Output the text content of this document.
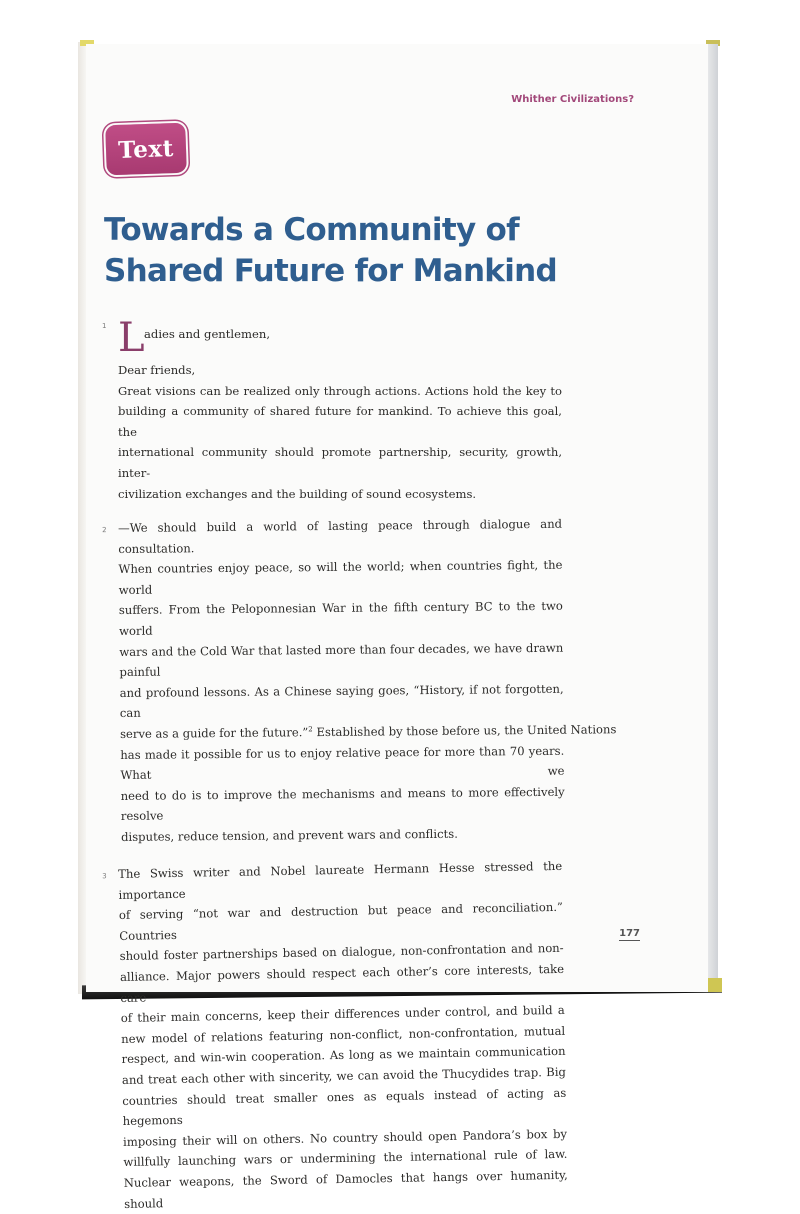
Whither Civilizations?
Text
Towards a Community of
Shared Future for Mankind
1 L adies and gentlemen,
Dear friends,
Great visions can be realized only through actions. Actions hold the key to
building a community of shared future for mankind. To achieve this goal, the
international community should promote partnership, security, growth, inter-
civilization exchanges and the building of sound ecosystems.
2 —We should build a world of lasting peace through dialogue and consultation.
When countries enjoy peace, so will the world; when countries fight, the world
suffers. From the Peloponnesian War in the fifth century BC to the two world
wars and the Cold War that lasted more than four decades, we have drawn painful
and profound lessons. As a Chinese saying goes, “History, if not forgotten, can
serve as a guide for the future.”$^2$ Established by those before us, the United Nations
has made it possible for us to enjoy relative peace for more than 70 years. What we
need to do is to improve the mechanisms and means to more effectively resolve
disputes, reduce tension, and prevent wars and conflicts.
3 The Swiss writer and Nobel laureate Hermann Hesse stressed the importance
of serving “not war and destruction but peace and reconciliation.” Countries
should foster partnerships based on dialogue, non-confrontation and non-
alliance. Major powers should respect each other’s core interests, take care
of their main concerns, keep their differences under control, and build a
new model of relations featuring non-conflict, non-confrontation, mutual
respect, and win-win cooperation. As long as we maintain communication
and treat each other with sincerity, we can avoid the Thucydides trap. Big
countries should treat smaller ones as equals instead of acting as hegemons
imposing their will on others. No country should open Pandora’s box by
willfully launching wars or undermining the international rule of law.
Nuclear weapons, the Sword of Damocles that hangs over humanity, should
177
